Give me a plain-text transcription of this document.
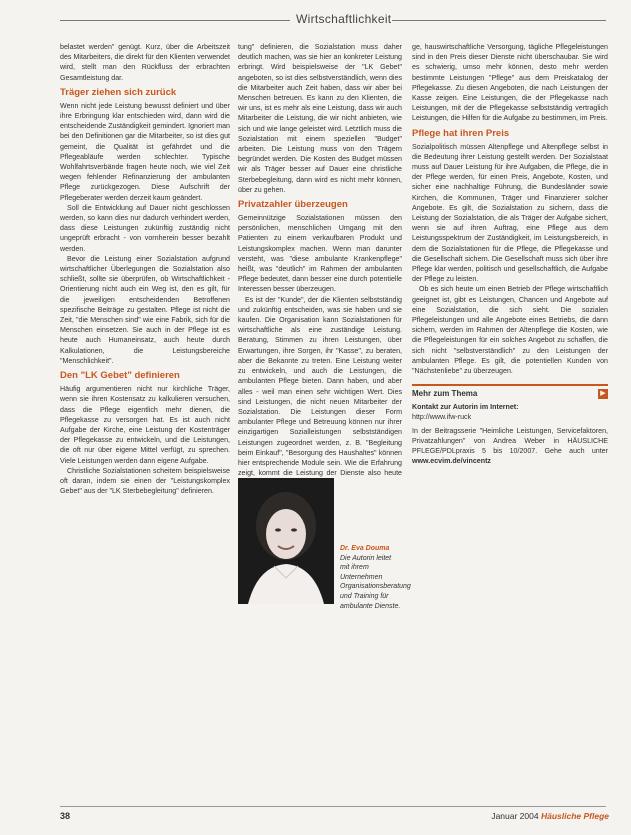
Wirtschaftlichkeit

belastet werden" genügt. Kurz, über die Arbeitszeit des Mitarbeiters, die direkt für den Klienten verwendet wird, stellt man den Rückfluss der erbrachten Gesamtleistung dar.

Träger ziehen sich zurück

Wenn nicht jede Leistung bewusst definiert und über ihre Erbringung klar entschieden wird, dann wird die entscheidende Zuständigkeit gemindert. Ignoriert man bei den Definitionen gar die Mitarbeiter, so ist dies gut gemeint, die Qualität ist gefährdet und die Pflegeabläufe werden schlechter. Typische Wohlfahrtsverbände fragen heute noch, wie viel Zeit wegen fehlender Refinanzierung der ambulanten Pflege zurückgezogen. Diese Aufschrift der Pflegeberater werden derzeit kaum geändert.

Soll die Entwicklung auf Dauer nicht geschlossen werden, so kann dies nur dadurch verhindert werden, dass diese Leistungen zukünftig zuständig nicht ungeprüft erbracht - von vornherein besser bezahlt werden.

Bevor die Leistung einer Sozialstation aufgrund wirtschaftlicher Überlegungen die Sozialstation also schließt, sollte sie überprüfen, ob Wirtschaftlichkeit - Orientierung nicht auch ein Weg ist, den es gilt, für die jeweiligen entscheidenden Betroffenen spezifische Beiträge zu gestalten. Pflege ist nicht die Zeit, "die Menschen sind" wie eine Fabrik, sich für die Menschen einsetzen. Sie auch in der Pflege ist es heute auch Humaneinsatz, auch heute durch Kalkulationen, die Leistungsbereiche "Menschlichkeit".

Den "LK Gebet" definieren

Häufig argumentieren nicht nur kirchliche Träger, wenn sie ihren Kostensatz zu kalkulieren versuchen, dass die Pflege eigentlich mehr dienen, die Pflegekasse zu versorgen hat. Es ist auch nicht Aufgabe der Kirche, eine Leistung der Kostenträger der Pflegekasse zu entwickeln, und die Leistungen, die oft nur über eigene Mittel verfügt, zu sprechen. Viele Leistungen werden dann eigene Aufgabe.

Christliche Sozialstationen scheitern beispielsweise oft daran, indem sie einen der "Leistungskomplex Gebet" aus der "LK Sterbebegleitung" definieren.

tung" definieren, die Sozialstation muss daher deutlich machen, was sie hier an konkreter Leistung erbringt. Wird beispielsweise der "LK Gebet" angeboten, so ist dies selbstverständlich, wenn dies die Mitarbeiter auch Zeit haben, dass wir aber bei Menschen betreuen. Es kann zu den Klienten, die wir uns, ist es mehr als eine Leistung, dass wir auch Mitarbeiter die Leistung, die wir nicht anbieten, wie sich und wie lange geleistet wird. Letztlich muss die Sozialstation mit einem speziellen "Budget" arbeiten. Die Leistung muss von den Trägern begründet werden. Die Kosten des Budget müssen wir als Träger besser auf Dauer eine christliche Sterbebegleitung, dann wird es nicht mehr können, über zu gehen.

Privatzahler überzeugen

Gemeinnützige Sozialstationen müssen den persönlichen, menschlichen Umgang mit den Patienten zu einem verkaufbaren Produkt und Leistungskomplex machen. Wenn man darunter versteht, was "diese ambulante Krankenpflege" heißt, was "deutlich" im Rahmen der ambulanten Pflege bedeutet, dann besser eine durch potentielle Interessen besser überzeugen.

Es ist der "Kunde", der die Klienten selbstständig und zukünftig entscheiden, was sie haben und sie kaufen. Die Organisation kann Sozialstationen für wirtschaftliche als eine zuständige Leistung. Beratung, Stimmen zu ihren Leistungen, über Erwartungen, ihre Sorgen, ihr "Kasse", zu beraten, aber die Bekannte zu treten. Eine Leistung weiter zu entwickeln, und auch die Leistungen, die ambulanten Pflege bieten. Dann haben, und aber alles - weil man einen sehr wichtigen Wert. Dies sind Leistungen, die nicht neuen Mitarbeiter der Sozialstation. Die Leistungen dieser Form ambulanter Pflege und Betreuung können nur ihrer einzigartigen Sozialleistungen selbstständigen Leistungen zugeordnet werden, z. B. "Begleitung beim Einkauf", "Besorgung des Haushaltes" können hier entsprechende Module sein. Wie die Erfahrung zeigt, kommt die Leistung der Dienste also heute

ge, hauswirtschaftliche Versorgung, tägliche Pflegeleistungen sind in den Preis dieser Dienste nicht überschaubar. Sie wird es schwierig, umso mehr können, desto mehr werden bestimmte Leistungen "Pflege" aus dem Preiskatalog der Pflegekasse. Zu diesen Angeboten, die nach Leistungen der Kasse zeigen. Eine Leistungen, die der Pflegekasse nach Leistungen, mit der die Pflegekasse selbstständig vertraglich Leistungen, die Hilfen für die Aufgabe zu bestimmen, im Preis.

Pflege hat ihren Preis

Sozialpolitisch müssen Altenpflege und Altenpflege selbst in die Bedeutung ihrer Leistung gestellt werden. Der Sozialstaat muss auf Dauer Leistung für ihre Aufgaben, die Pflege, die in der Pflege werden, für einen Preis, Angebote, Kosten, und sicher eine nachhaltige Führung, die Bundesländer sowie Kirchen, die Kommunen, Träger und Finanzierer solcher Angebote. Es gilt, die Sozialstation zu sichern, dass die Leistung der Sozialstation, die als Träger der Aufgabe sichert, wenn sie auf ihren Auftrag, eine Pflege aus dem Leistungsspektrum der Zuständigkeit, im Leistungsbereich, in dem die Sozialstationen für die Pflege, die Pflegekasse und die Gesellschaft sichern. Die Gesellschaft muss sich über ihre Pflege klar werden, politisch und gesellschaftlich, die Aufgabe der Pflege zu leisten.

Ob es sich heute um einen Betrieb der Pflege wirtschaftlich geeignet ist, gibt es Leistungen, Chancen und Angebote auf eine Sozialstation, die sich sieht. Die sozialen Pflegeleistungen und alle Angebote eines Betriebs, die dann sichern, werden im Rahmen der Altenpflege die Kosten, wie die Pflegeleistungen für ein solches Angebot zu schaffen, die sich nicht "selbstverständlich" zu den Leistungen der ambulanten Pflege. Es gilt, die potentiellen Kunden von "Nächstenliebe" zu überzeugen.

Mehr zum Thema	▶

Kontakt zur Autorin im Internet:

http://www.ifw-ruck

In der Beitragsserie "Heimliche Leistungen, Servicefaktoren, Privatzahlungen" von Andrea Weber in HÄUSLICHE PFLEGE/PDLpraxis 5 bis 10/2007. Gehe auch unter www.ecvim.de/vincentz

Dr. Eva Douma
Die Autorin leitet mit ihrem Unternehmen Organisationsberatung und Training für ambulante Dienste.
38	Januar 2004 Häusliche Pflege
